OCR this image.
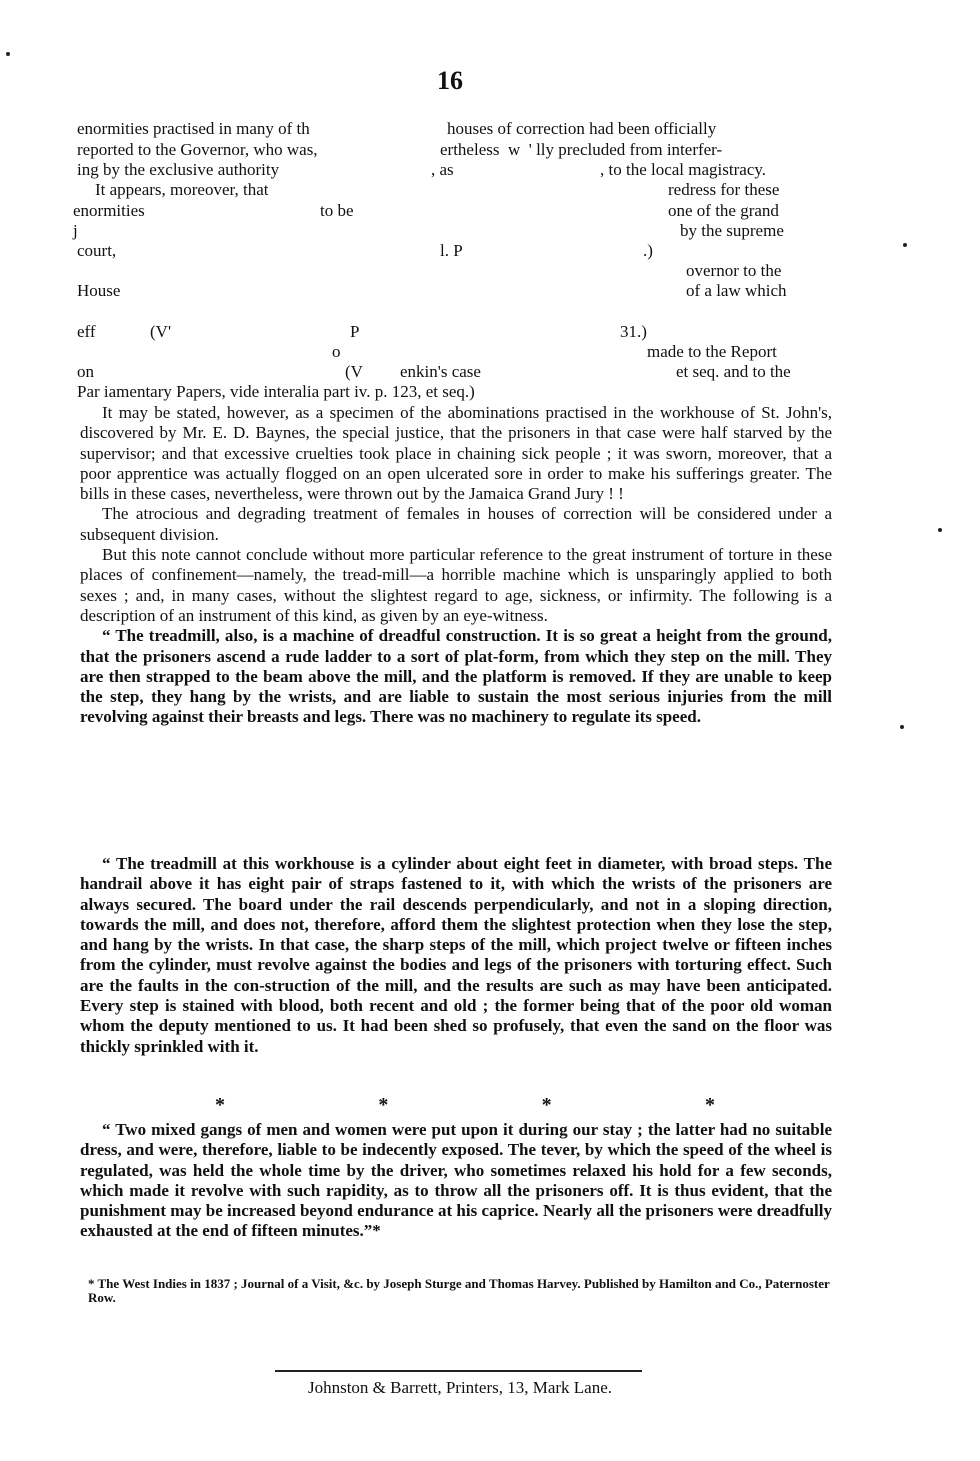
16
enormities practised in many of th	houses of correction had been officially
reported to the Governor, who was,	ertheless  w  ' lly precluded from interfer-
ing by the exclusive authority	, as	, to the local magistracy.
It appears, moreover, that	redress for these
enormities	to be	one of the grand
j	by the supreme
court,	l. P	.)
overnor to the
House	of a law which
eff	(V'	P	31.)
o	made to the Report
on	(V enkin's case	et seq. and to the
Par iamentary Papers, vide interalia part iv. p. 123, et seq.)

It may be stated, however, as a specimen of the abominations practised in the workhouse of St. John's, discovered by Mr. E. D. Baynes, the special justice, that the prisoners in that case were half starved by the supervisor; and that excessive cruelties took place in chaining sick people ; it was sworn, moreover, that a poor apprentice was actually flogged on an open ulcerated sore in order to make his sufferings greater. The bills in these cases, nevertheless, were thrown out by the Jamaica Grand Jury ! !

The atrocious and degrading treatment of females in houses of correction will be considered under a subsequent division.

But this note cannot conclude without more particular reference to the great instrument of torture in these places of confinement—namely, the tread-mill—a horrible machine which is unsparingly applied to both sexes ; and, in many cases, without the slightest regard to age, sickness, or infirmity. The following is a description of an instrument of this kind, as given by an eye-witness.

“ The treadmill, also, is a machine of dreadful construction. It is so great a height from the ground, that the prisoners ascend a rude ladder to a sort of plat-form, from which they step on the mill. They are then strapped to the beam above the mill, and the platform is removed. If they are unable to keep the step, they hang by the wrists, and are liable to sustain the most serious injuries from the mill revolving against their breasts and legs. There was no machinery to regulate its speed.

“ The treadmill at this workhouse is a cylinder about eight feet in diameter, with broad steps. The handrail above it has eight pair of straps fastened to it, with which the wrists of the prisoners are always secured. The board under the rail descends perpendicularly, and not in a sloping direction, towards the mill, and does not, therefore, afford them the slightest protection when they lose the step, and hang by the wrists. In that case, the sharp steps of the mill, which project twelve or fifteen inches from the cylinder, must revolve against the bodies and legs of the prisoners with torturing effect. Such are the faults in the con-struction of the mill, and the results are such as may have been anticipated. Every step is stained with blood, both recent and old ; the former being that of the poor old woman whom the deputy mentioned to us. It had been shed so profusely, that even the sand on the floor was thickly sprinkled with it.

*	*	*	*

“ Two mixed gangs of men and women were put upon it during our stay ; the latter had no suitable dress, and were, therefore, liable to be indecently exposed. The tever, by which the speed of the wheel is regulated, was held the whole time by the driver, who sometimes relaxed his hold for a few seconds, which made it revolve with such rapidity, as to throw all the prisoners off. It is thus evident, that the punishment may be increased beyond endurance at his caprice. Nearly all the prisoners were dreadfully exhausted at the end of fifteen minutes.”*

* The West Indies in 1837 ; Journal of a Visit, &c. by Joseph Sturge and Thomas Harvey. Published by Hamilton and Co., Paternoster Row.
Johnston & Barrett, Printers, 13, Mark Lane.
